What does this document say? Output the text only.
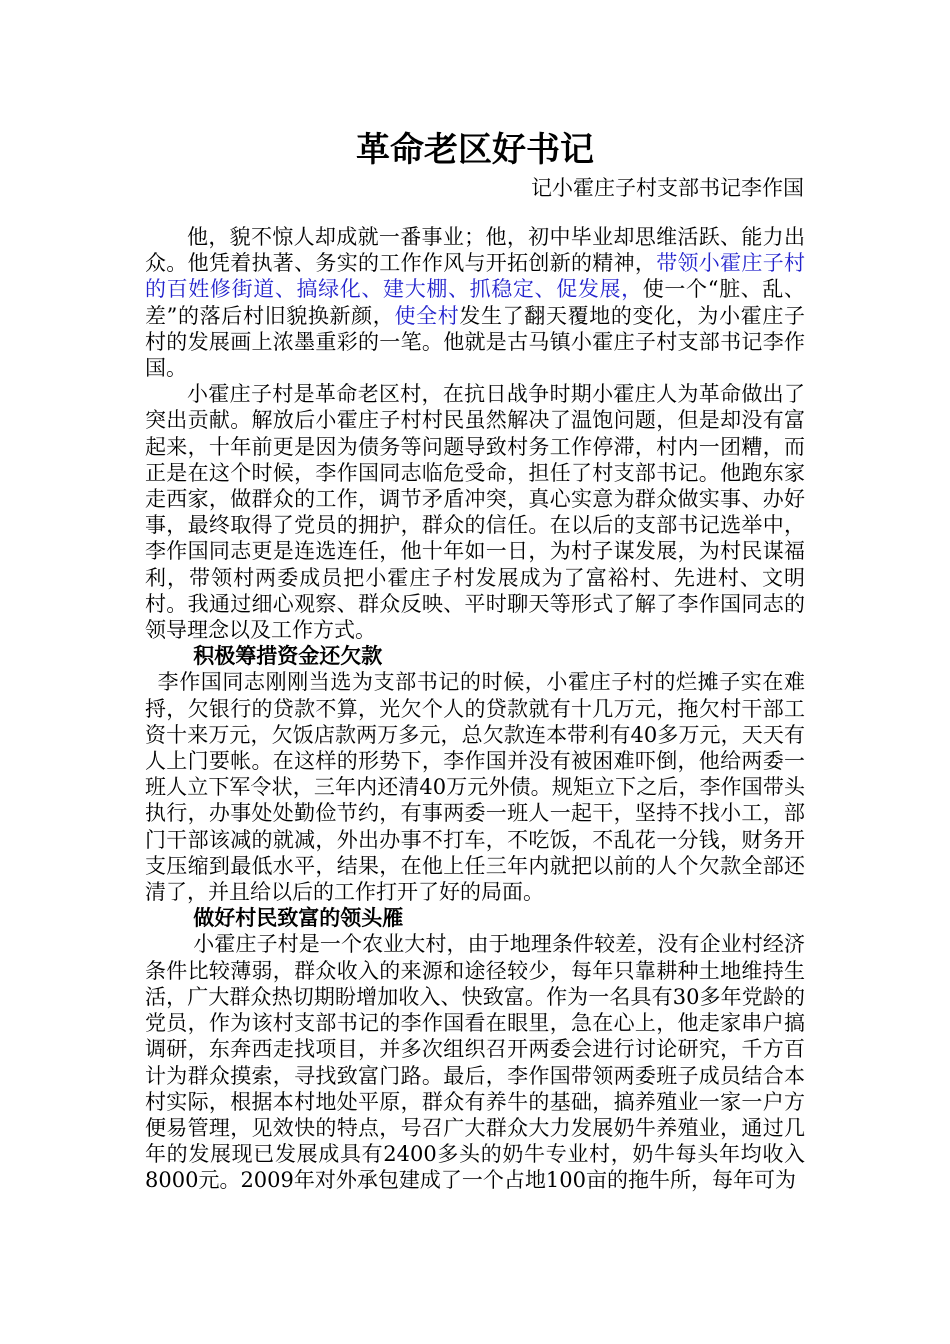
革命老区好书记
记小霍庄子村支部书记李作国

他，貌不惊人却成就一番事业；他，初中毕业却思维活跃、能力出众。他凭着执著、务实的工作作风与开拓创新的精神，带领小霍庄子村的百姓修街道、搞绿化、建大棚、抓稳定、促发展，使一个“脏、乱、差”的落后村旧貌换新颜，使全村发生了翻天覆地的变化，为小霍庄子村的发展画上浓墨重彩的一笔。他就是古马镇小霍庄子村支部书记李作国。

小霍庄子村是革命老区村，在抗日战争时期小霍庄人为革命做出了突出贡献。解放后小霍庄子村村民虽然解决了温饱问题，但是却没有富起来，十年前更是因为债务等问题导致村务工作停滞，村内一团糟，而正是在这个时候，李作国同志临危受命，担任了村支部书记。他跑东家走西家，做群众的工作，调节矛盾冲突，真心实意为群众做实事、办好事，最终取得了党员的拥护，群众的信任。在以后的支部书记选举中，李作国同志更是连选连任，他十年如一日，为村子谋发展，为村民谋福利，带领村两委成员把小霍庄子村发展成为了富裕村、先进村、文明村。我通过细心观察、群众反映、平时聊天等形式了解了李作国同志的领导理念以及工作方式。

积极筹措资金还欠款

李作国同志刚刚当选为支部书记的时候，小霍庄子村的烂摊子实在难捋，欠银行的贷款不算，光欠个人的贷款就有十几万元，拖欠村干部工资十来万元，欠饭店款两万多元，总欠款连本带利有40多万元，天天有人上门要帐。在这样的形势下，李作国并没有被困难吓倒，他给两委一班人立下军令状，三年内还清40万元外债。规矩立下之后，李作国带头执行，办事处处勤俭节约，有事两委一班人一起干，坚持不找小工，部门干部该减的就减，外出办事不打车，不吃饭，不乱花一分钱，财务开支压缩到最低水平，结果，在他上任三年内就把以前的人个欠款全部还清了，并且给以后的工作打开了好的局面。

做好村民致富的领头雁

小霍庄子村是一个农业大村，由于地理条件较差，没有企业村经济条件比较薄弱，群众收入的来源和途径较少，每年只靠耕种土地维持生活，广大群众热切期盼增加收入、快致富。作为一名具有30多年党龄的党员，作为该村支部书记的李作国看在眼里，急在心上，他走家串户搞调研，东奔西走找项目，并多次组织召开两委会进行讨论研究，千方百计为群众摸索，寻找致富门路。最后，李作国带领两委班子成员结合本村实际，根据本村地处平原，群众有养牛的基础，搞养殖业一家一户方便易管理，见效快的特点，号召广大群众大力发展奶牛养殖业，通过几年的发展现已发展成具有2400多头的奶牛专业村，奶牛每头年均收入8000元。2009年对外承包建成了一个占地100亩的拖牛所，每年可为
